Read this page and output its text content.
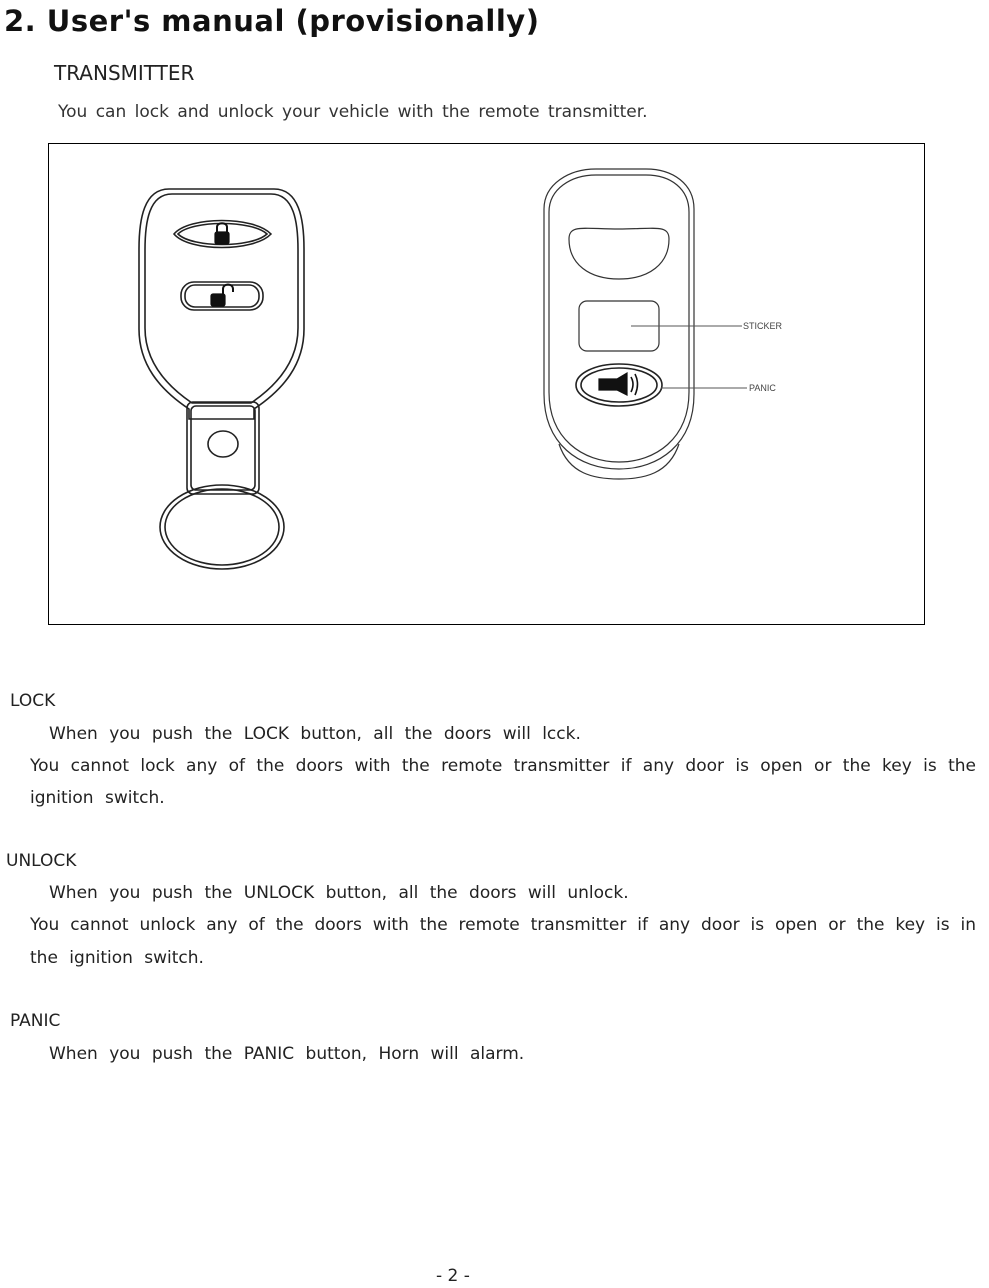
2. User's manual (provisionally)
TRANSMITTER
You can lock and unlock your vehicle with the remote transmitter.
STICKER
PANIC
LOCK
When you push the LOCK button, all the doors will lcck.
You cannot lock any of the doors with the remote transmitter if any door is open or the key is the
ignition switch.
UNLOCK
When you push the UNLOCK button, all the doors will unlock.
You cannot unlock any of the doors with the remote transmitter if any door is open or the key is in
the ignition switch.
PANIC
When you push the PANIC button, Horn will alarm.
- 2 -
